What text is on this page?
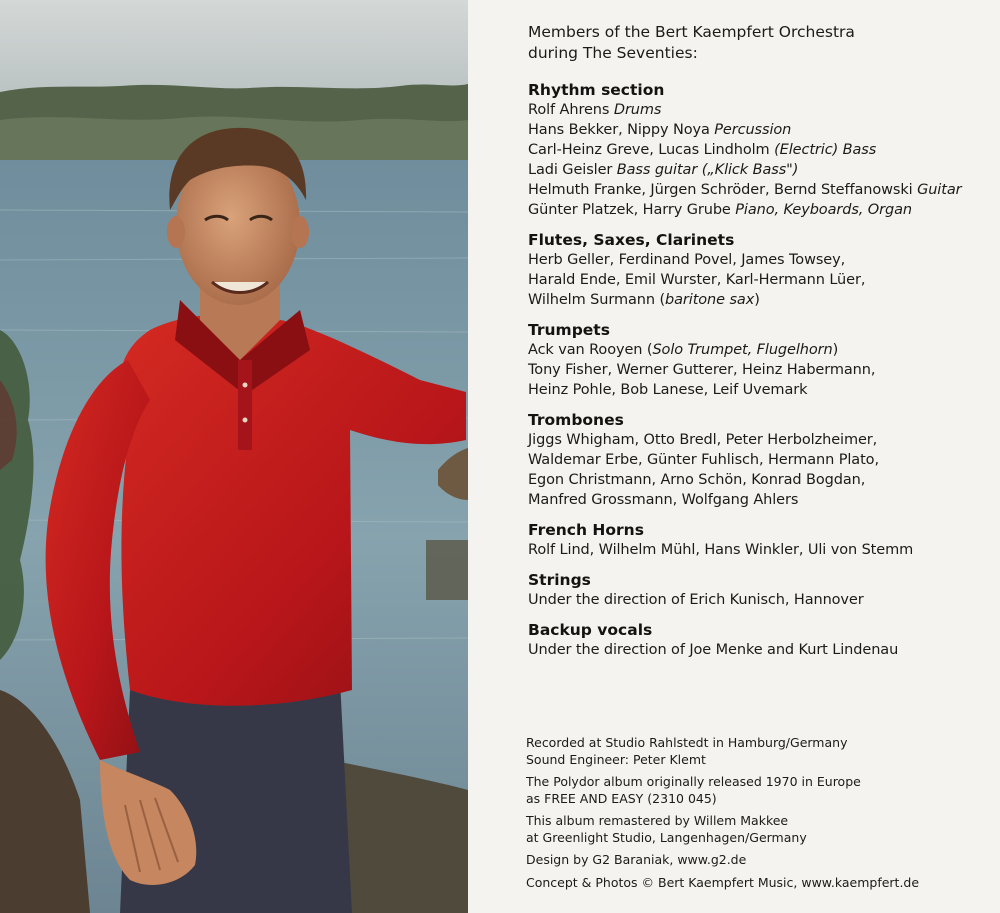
Members of the Bert Kaempfert Orchestra
during The Seventies:
Rhythm section
Rolf Ahrens Drums
Hans Bekker, Nippy Noya Percussion
Carl-Heinz Greve, Lucas Lindholm (Electric) Bass
Ladi Geisler Bass guitar („Klick Bass")
Helmuth Franke, Jürgen Schröder, Bernd Steffanowski Guitar
Günter Platzek, Harry Grube Piano, Keyboards, Organ
Flutes, Saxes, Clarinets
Herb Geller, Ferdinand Povel, James Towsey,
Harald Ende, Emil Wurster, Karl-Hermann Lüer,
Wilhelm Surmann (baritone sax)
Trumpets
Ack van Rooyen (Solo Trumpet, Flugelhorn)
Tony Fisher, Werner Gutterer, Heinz Habermann,
Heinz Pohle, Bob Lanese, Leif Uvemark
Trombones
Jiggs Whigham, Otto Bredl, Peter Herbolzheimer,
Waldemar Erbe, Günter Fuhlisch, Hermann Plato,
Egon Christmann, Arno Schön, Konrad Bogdan,
Manfred Grossmann, Wolfgang Ahlers
French Horns
Rolf Lind, Wilhelm Mühl, Hans Winkler, Uli von Stemm
Strings
Under the direction of Erich Kunisch, Hannover
Backup vocals
Under the direction of Joe Menke and Kurt Lindenau
Recorded at Studio Rahlstedt in Hamburg/Germany
Sound Engineer: Peter Klemt
The Polydor album originally released 1970 in Europe
as FREE AND EASY (2310 045)
This album remastered by Willem Makkee
at Greenlight Studio, Langenhagen/Germany
Design by G2 Baraniak, www.g2.de
Concept & Photos © Bert Kaempfert Music, www.kaempfert.de
